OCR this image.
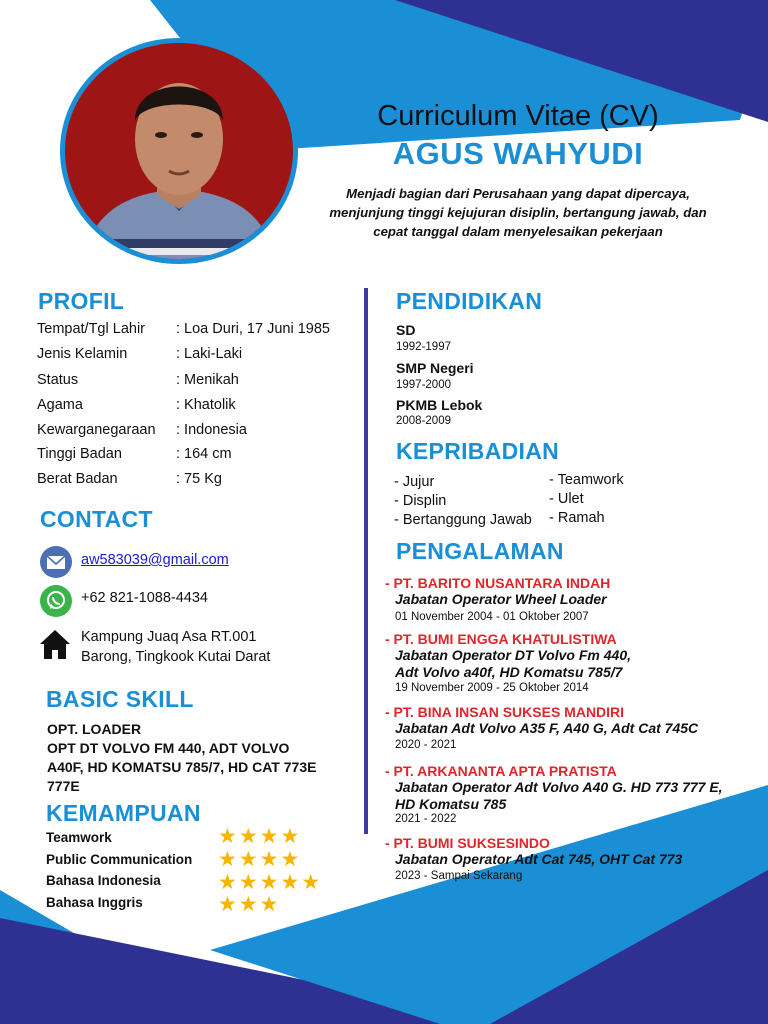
Curriculum Vitae (CV)
AGUS WAHYUDI
Menjadi bagian dari Perusahaan yang dapat dipercaya,
menjunjung tinggi kejujuran disiplin, bertangung jawab, dan
cepat tanggal dalam menyelesaikan pekerjaan
PROFIL
Tempat/Tgl Lahir	: Loa Duri, 17 Juni 1985
Jenis Kelamin	: Laki-Laki
Status	: Menikah
Agama	: Khatolik
Kewarganegaraan	: Indonesia
Tinggi Badan	: 164 cm
Berat Badan	: 75 Kg
CONTACT
aw583039@gmail.com
+62 821-1088-4434
Kampung Juaq Asa RT.001
Barong, Tingkook Kutai Darat
BASIC SKILL
OPT. LOADER
OPT DT VOLVO FM 440, ADT VOLVO
A40F, HD KOMATSU 785/7, HD CAT 773E
777E
KEMAMPUAN
Teamwork	★★★★
Public Communication ★★★★
Bahasa Indonesia	★★★★★
Bahasa Inggris	★★★
PENDIDIKAN
SD
1992-1997
SMP Negeri
1997-2000
PKMB Lebok
2008-2009
KEPRIBADIAN
- Jujur
- Displin
- Bertanggung Jawab
- Teamwork
- Ulet
- Ramah
PENGALAMAN
- PT. BARITO NUSANTARA INDAH
Jabatan Operator Wheel Loader
01 November 2004 - 01 Oktober 2007
- PT. BUMI ENGGA KHATULISTIWA
Jabatan Operator DT Volvo Fm 440,
Adt Volvo a40f, HD Komatsu 785/7
19 November 2009 - 25 Oktober 2014
- PT. BINA INSAN SUKSES MANDIRI
Jabatan Adt Volvo A35 F, A40 G, Adt Cat 745C
2020 - 2021
- PT. ARKANANTA APTA PRATISTA
Jabatan Operator Adt Volvo A40 G. HD 773 777 E,
HD Komatsu 785
2021 - 2022
- PT. BUMI SUKSESINDO
Jabatan Operator Adt Cat 745, OHT Cat 773
2023 - Sampai Sekarang
